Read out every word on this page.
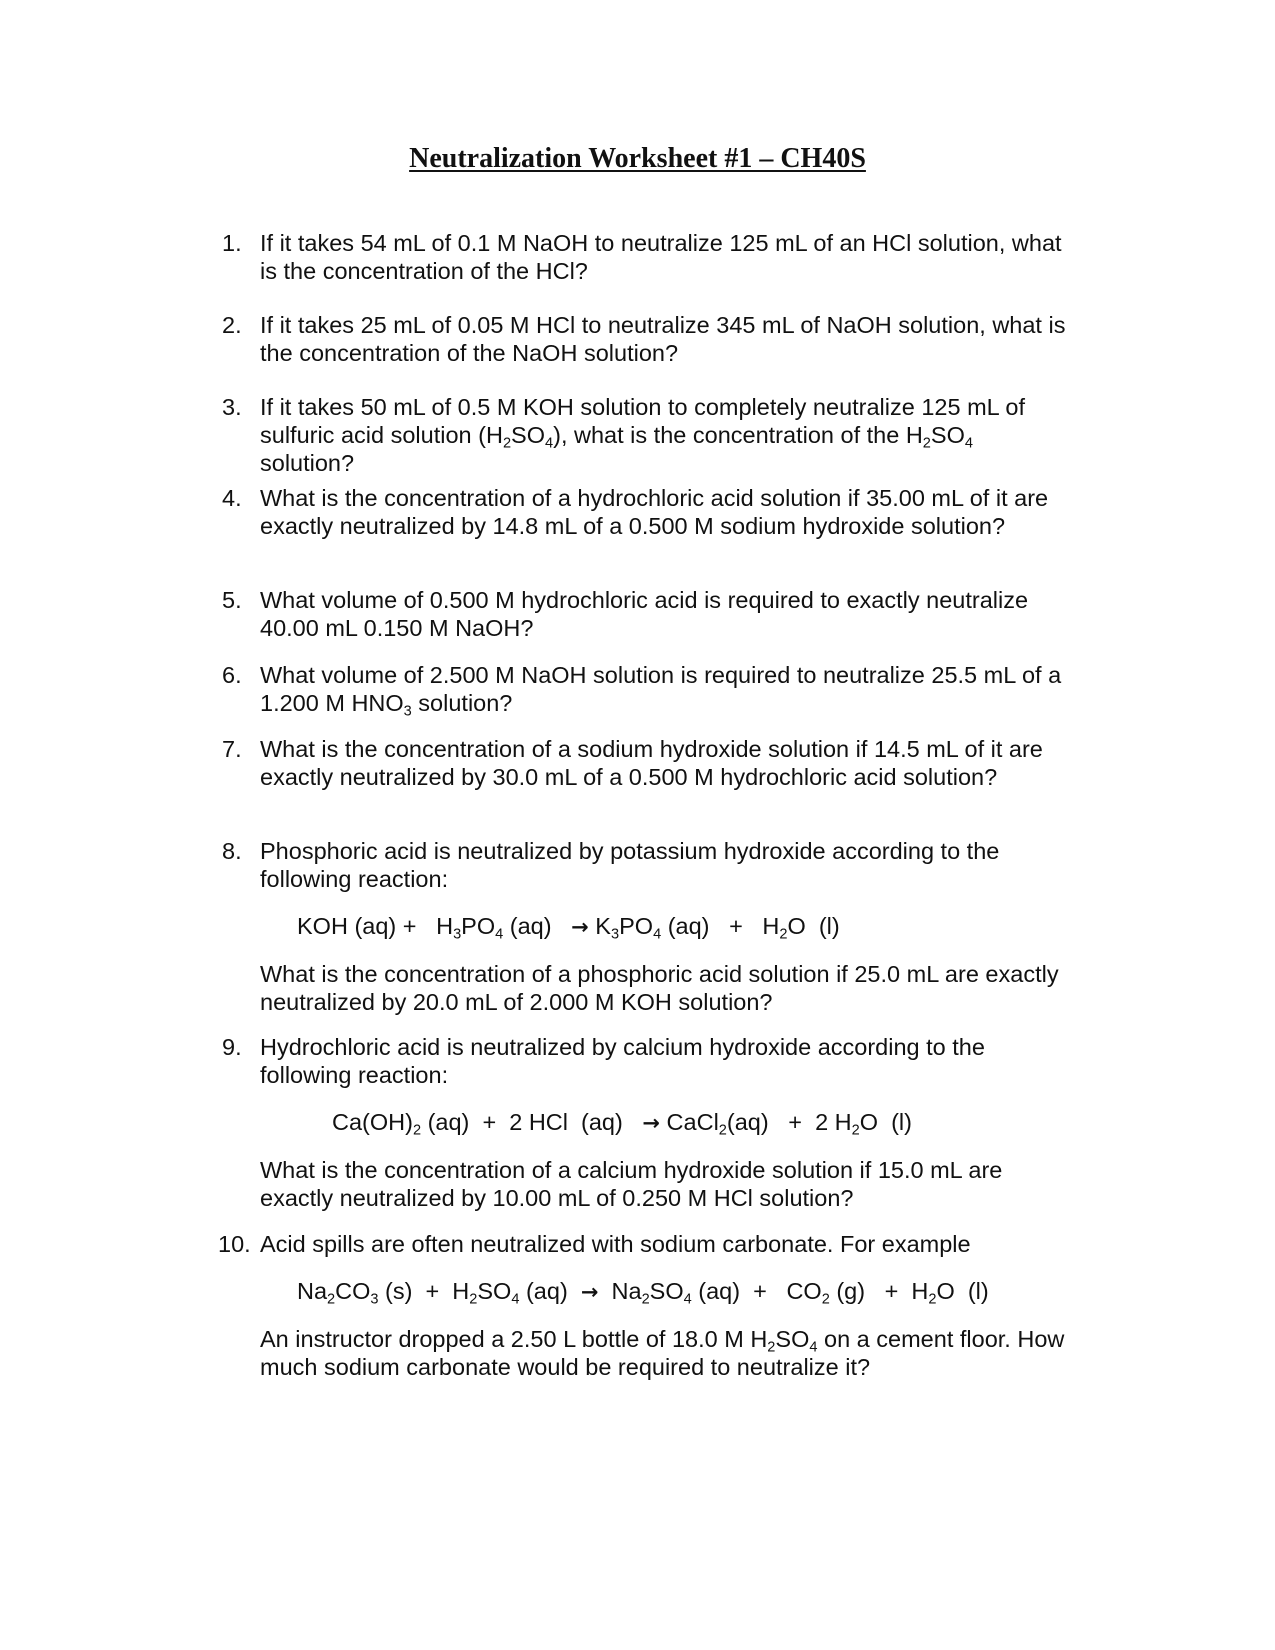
Neutralization Worksheet #1 – CH40S
1. If it takes 54 mL of 0.1 M NaOH to neutralize 125 mL of an HCl solution, what is the concentration of the HCl?
2. If it takes 25 mL of 0.05 M HCl to neutralize 345 mL of NaOH solution, what is the concentration of the NaOH solution?
3. If it takes 50 mL of 0.5 M KOH solution to completely neutralize 125 mL of sulfuric acid solution $(H_2SO_4)$, what is the concentration of the $H_2SO_4$ solution?
4. What is the concentration of a hydrochloric acid solution if 35.00 mL of it are exactly neutralized by 14.8 mL of a 0.500 M sodium hydroxide solution?
5. What volume of 0.500 M hydrochloric acid is required to exactly neutralize 40.00 mL 0.150 M NaOH?
6. What volume of 2.500 M NaOH solution is required to neutralize 25.5 mL of a 1.200 M $HNO_3$ solution?
7. What is the concentration of a sodium hydroxide solution if 14.5 mL of it are exactly neutralized by 30.0 mL of a 0.500 M hydrochloric acid solution?
8. Phosphoric acid is neutralized by potassium hydroxide according to the following reaction:
KOH $(aq) + H_3PO_4$ $(aq) \to K_3PO_4$ $(aq) + H_2O$  (l)
What is the concentration of a phosphoric acid solution if 25.0 mL are exactly neutralized by 20.0 mL of 2.000 M KOH solution?
9. Hydrochloric acid is neutralized by calcium hydroxide according to the following reaction:
$Ca(OH)_2$ (aq)  +  2 HCl  (aq)   → CaCl$_2$(aq)   +  2 $H_2O$  (l)
What is the concentration of a calcium hydroxide solution if 15.0 mL are exactly neutralized by 10.00 mL of 0.250 M HCl solution?
10. Acid spills are often neutralized with sodium carbonate. For example
$Na_2CO_3$ $(s) + H_2SO_4$ $(aq) \to Na_2SO_4$ $(aq) + CO_2$ $(g) + H_2O$  (l)
An instructor dropped a 2.50 L bottle of 18.0 M $H_2SO_4$ on a cement floor. How much sodium carbonate would be required to neutralize it?
